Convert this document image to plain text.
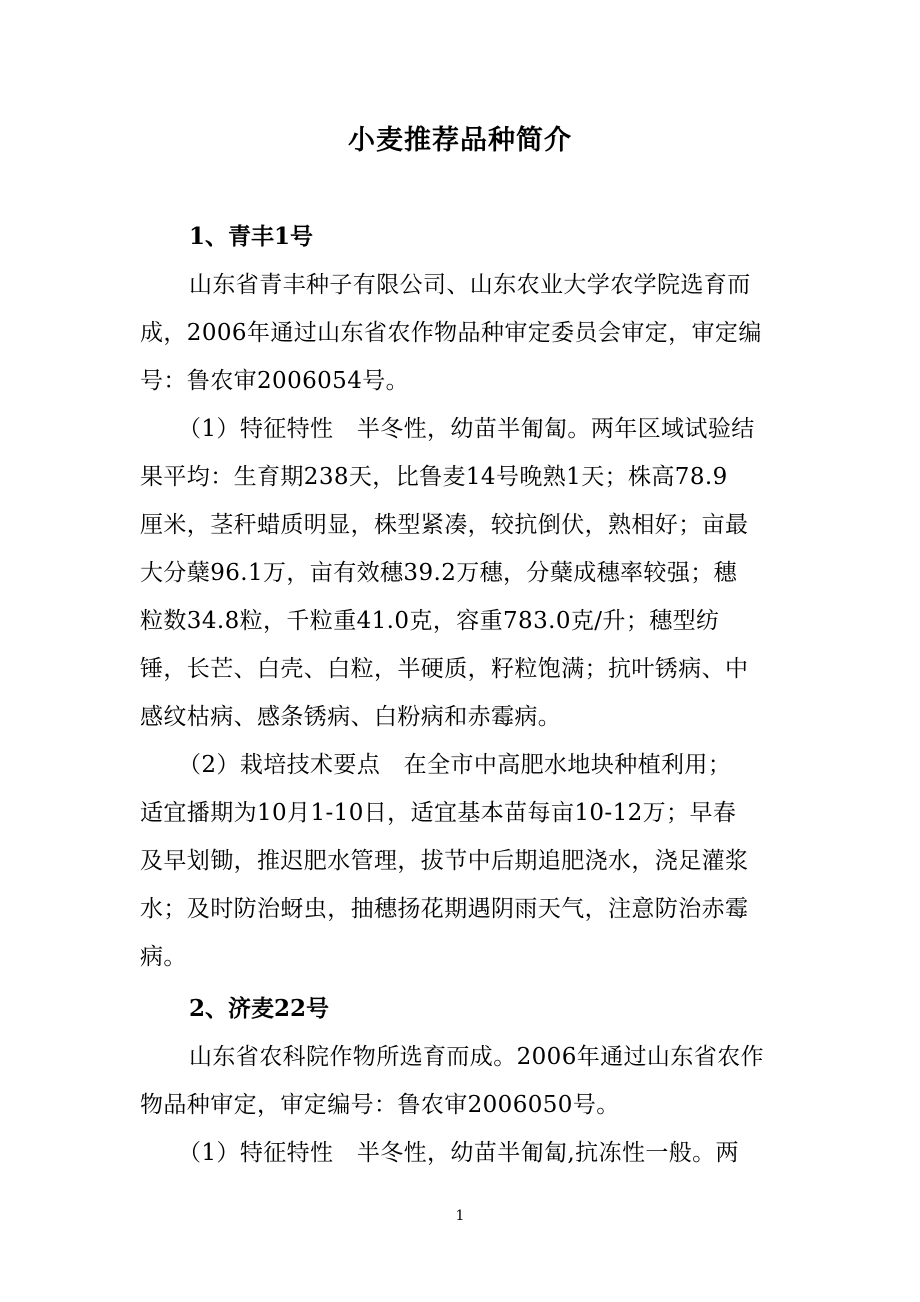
小麦推荐品种简介
1、青丰1号
山东省青丰种子有限公司、山东农业大学农学院选育而
成，2006年通过山东省农作物品种审定委员会审定，审定编
号：鲁农审2006054号。
（1）特征特性　半冬性，幼苗半匍匐。两年区域试验结
果平均：生育期238天，比鲁麦14号晚熟1天；株高78.9
厘米，茎秆蜡质明显，株型紧凑，较抗倒伏，熟相好；亩最
大分蘖96.1万，亩有效穗39.2万穗，分蘖成穗率较强；穗
粒数34.8粒，千粒重41.0克，容重783.0克/升；穗型纺
锤，长芒、白壳、白粒，半硬质，籽粒饱满；抗叶锈病、中
感纹枯病、感条锈病、白粉病和赤霉病。
（2）栽培技术要点　在全市中高肥水地块种植利用；
适宜播期为10月1-10日，适宜基本苗每亩10-12万；早春
及早划锄，推迟肥水管理，拔节中后期追肥浇水，浇足灌浆
水；及时防治蚜虫，抽穗扬花期遇阴雨天气，注意防治赤霉
病。
2、济麦22号
山东省农科院作物所选育而成。2006年通过山东省农作
物品种审定，审定编号：鲁农审2006050号。
（1）特征特性　半冬性，幼苗半匍匐,抗冻性一般。两
1
